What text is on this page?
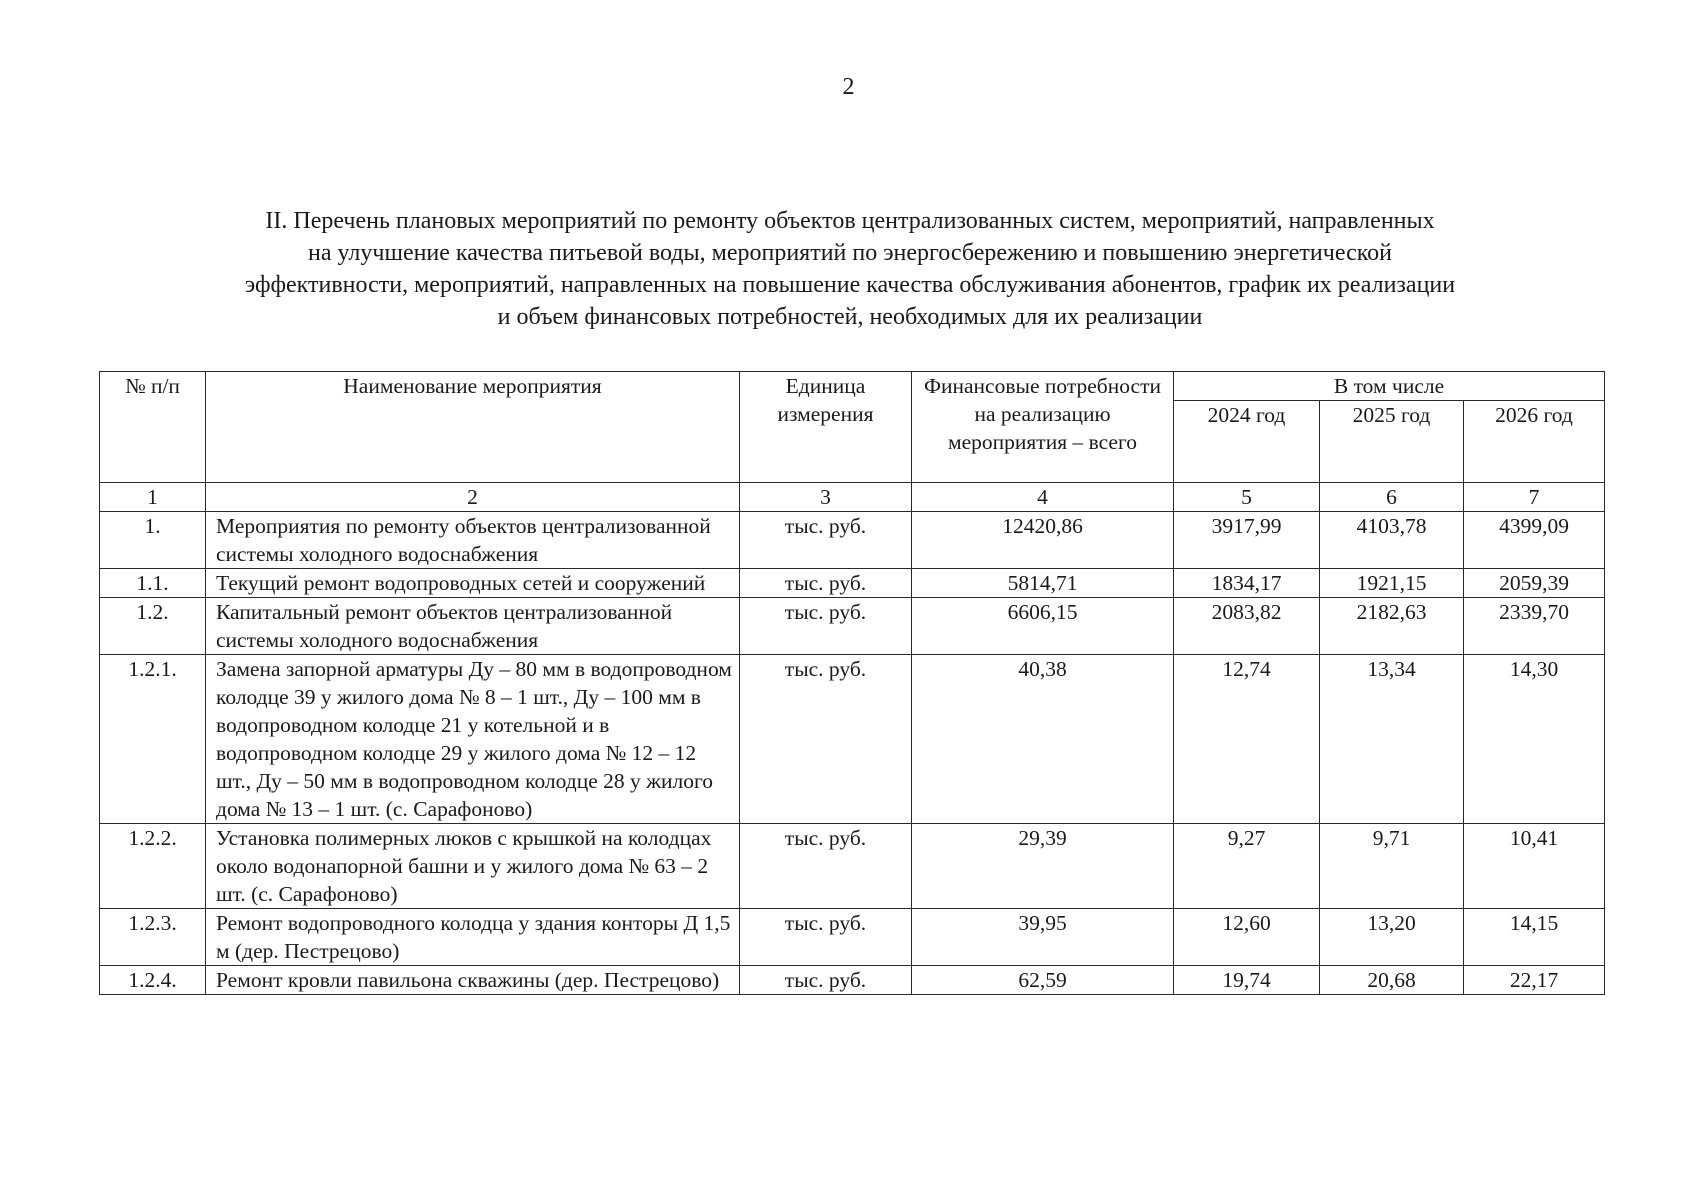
2
II. Перечень плановых мероприятий по ремонту объектов централизованных систем, мероприятий, направленных
на улучшение качества питьевой воды, мероприятий по энергосбережению и повышению энергетической
эффективности, мероприятий, направленных на повышение качества обслуживания абонентов, график их реализации
и объем финансовых потребностей, необходимых для их реализации
№ п/п	Наименование мероприятия	Единица измерения	Финансовые потребности на реализацию мероприятия – всего	В том числе		
				2024 год	2025 год	2026 год
1	2	3	4	5	6	7
1.	Мероприятия по ремонту объектов централизованной системы холодного водоснабжения	тыс. руб.	12420,86	3917,99	4103,78	4399,09
1.1.	Текущий ремонт водопроводных сетей и сооружений	тыс. руб.	5814,71	1834,17	1921,15	2059,39
1.2.	Капитальный ремонт объектов централизованной системы холодного водоснабжения	тыс. руб.	6606,15	2083,82	2182,63	2339,70
1.2.1.	Замена запорной арматуры Ду – 80 мм в водопроводном колодце 39 у жилого дома № 8 – 1 шт., Ду – 100 мм в водопроводном колодце 21 у котельной и в водопроводном колодце 29 у жилого дома № 12 – 12 шт., Ду – 50 мм в водопроводном колодце 28 у жилого дома № 13 – 1 шт. (с. Сарафоново)	тыс. руб.	40,38	12,74	13,34	14,30
1.2.2.	Установка полимерных люков с крышкой на колодцах около водонапорной башни и у жилого дома № 63 – 2 шт. (с. Сарафоново)	тыс. руб.	29,39	9,27	9,71	10,41
1.2.3.	Ремонт водопроводного колодца у здания конторы Д 1,5 м (дер. Пестрецово)	тыс. руб.	39,95	12,60	13,20	14,15
1.2.4.	Ремонт кровли павильона скважины (дер. Пестрецово)	тыс. руб.	62,59	19,74	20,68	22,17
